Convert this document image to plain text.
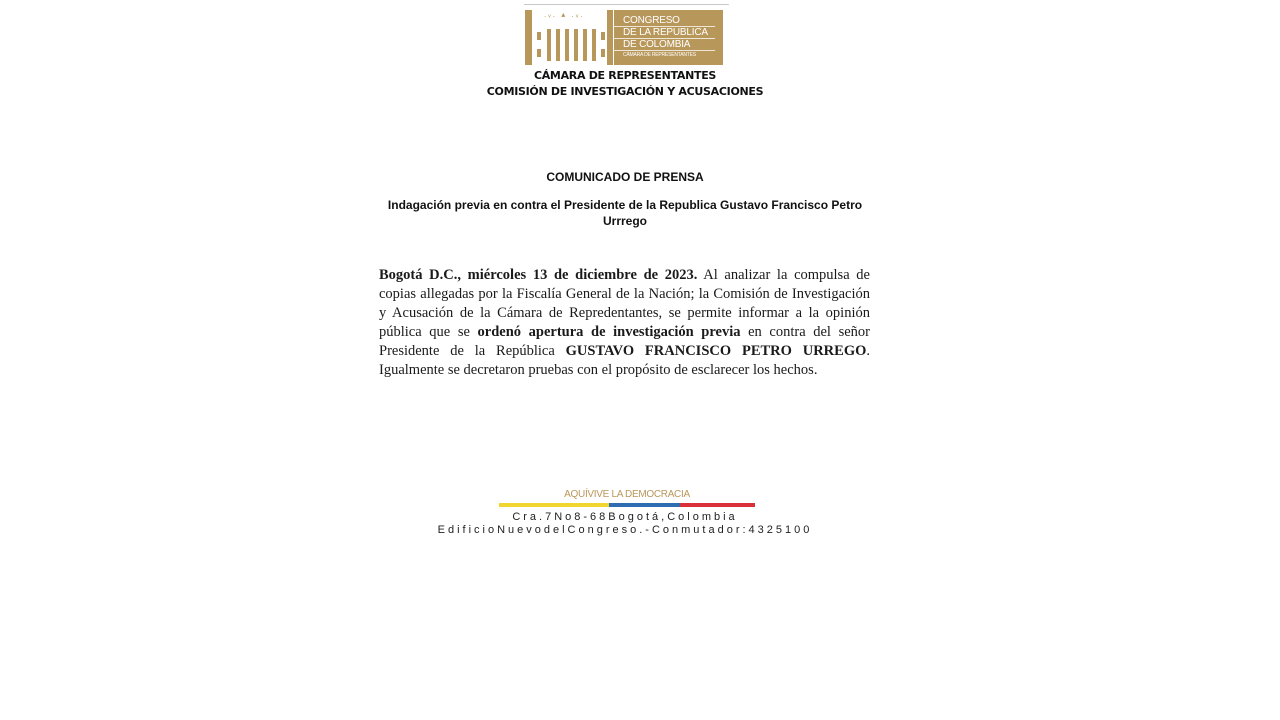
.ᵥ. ▴ .ᵥ.
CONGRESO
DE LA REPUBLICA
DE COLOMBIA
CÁMARA DE REPRESENTANTES
CÁMARA DE REPRESENTANTES
COMISIÓN DE INVESTIGACIÓN Y ACUSACIONES
COMUNICADO DE PRENSA
Indagación previa en contra el Presidente de la Republica Gustavo Francisco Petro Urrrego
Bogotá D.C., miércoles 13 de diciembre de 2023. Al analizar la compulsa de copias allegadas por la Fiscalía General de la Nación; la Comisión de Investigación y Acusación de la Cámara de Repredentantes, se permite informar a la opinión pública que se ordenó apertura de investigación previa en contra del señor Presidente de la República GUSTAVO FRANCISCO PETRO URREGO. Igualmente se decretaron pruebas con el propósito de esclarecer los hechos.
AQUÍVIVE LA DEMOCRACIA
Cra.7No8-68Bogotá,Colombia
EdificioNuevodelCongreso.-Conmutador:4325100
